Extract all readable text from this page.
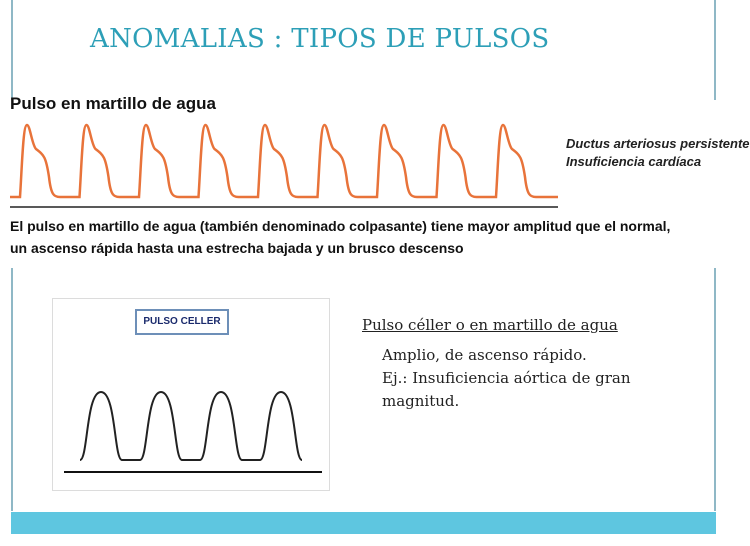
ANOMALIAS : TIPOS DE PULSOS
Pulso en martillo de agua
Ductus arteriosus persistente
Insuficiencia cardíaca
El pulso en martillo de agua (también denominado colpasante) tiene mayor amplitud que el normal,
un ascenso rápida hasta una estrecha bajada y un brusco descenso
PULSO CELLER	Pulso céller o en martillo de agua
Amplio, de ascenso rápido.
Ej.: Insuficiencia aórtica de gran
magnitud.
